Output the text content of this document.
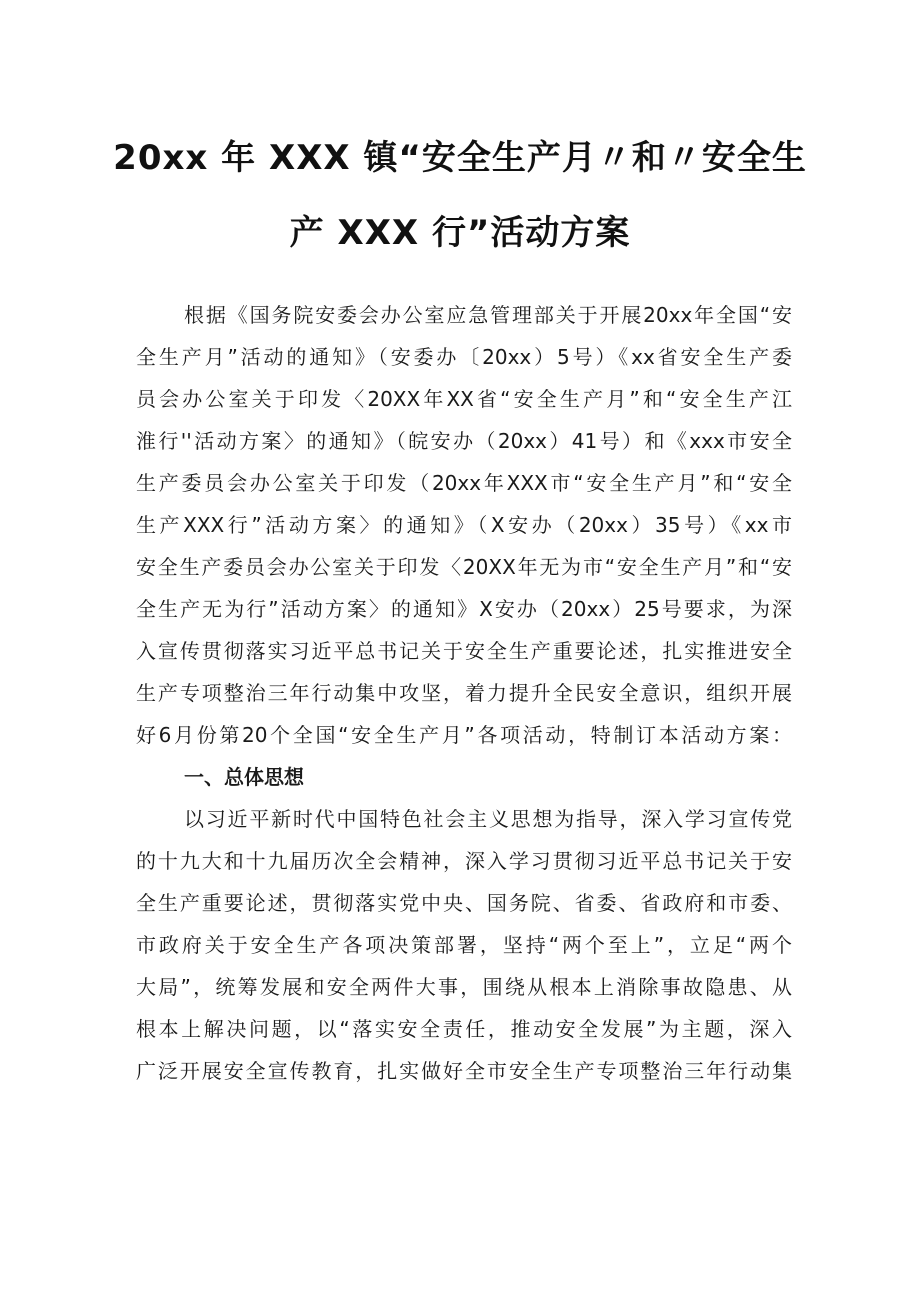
20xx 年 XXX 镇“安全生产月〃和〃安全生
产 XXX 行”活动方案
根据《国务院安委会办公室应急管理部关于开展20xx年全国“安
全生产月”活动的通知》（安委办〔20xx）5号）《xx省安全生产委
员会办公室关于印发〈20XX年XX省“安全生产月”和“安全生产江
淮行''活动方案〉的通知》（皖安办（20xx）41号）和《xxx市安全
生产委员会办公室关于印发（20xx年XXX市“安全生产月”和“安全
生产XXX行”活动方案〉的通知》（X安办（20xx）35号）《xx市
安全生产委员会办公室关于印发〈20XX年无为市“安全生产月”和“安
全生产无为行”活动方案〉的通知》X安办（20xx）25号要求，为深
入宣传贯彻落实习近平总书记关于安全生产重要论述，扎实推进安全
生产专项整治三年行动集中攻坚，着力提升全民安全意识，组织开展
好6月份第20个全国“安全生产月”各项活动，特制订本活动方案：
一、总体思想
以习近平新时代中国特色社会主义思想为指导，深入学习宣传党
的十九大和十九届历次全会精神，深入学习贯彻习近平总书记关于安
全生产重要论述，贯彻落实党中央、国务院、省委、省政府和市委、
市政府关于安全生产各项决策部署，坚持“两个至上”，立足“两个
大局”，统筹发展和安全两件大事，围绕从根本上消除事故隐患、从
根本上解决问题，以“落实安全责任，推动安全发展”为主题，深入
广泛开展安全宣传教育，扎实做好全市安全生产专项整治三年行动集
